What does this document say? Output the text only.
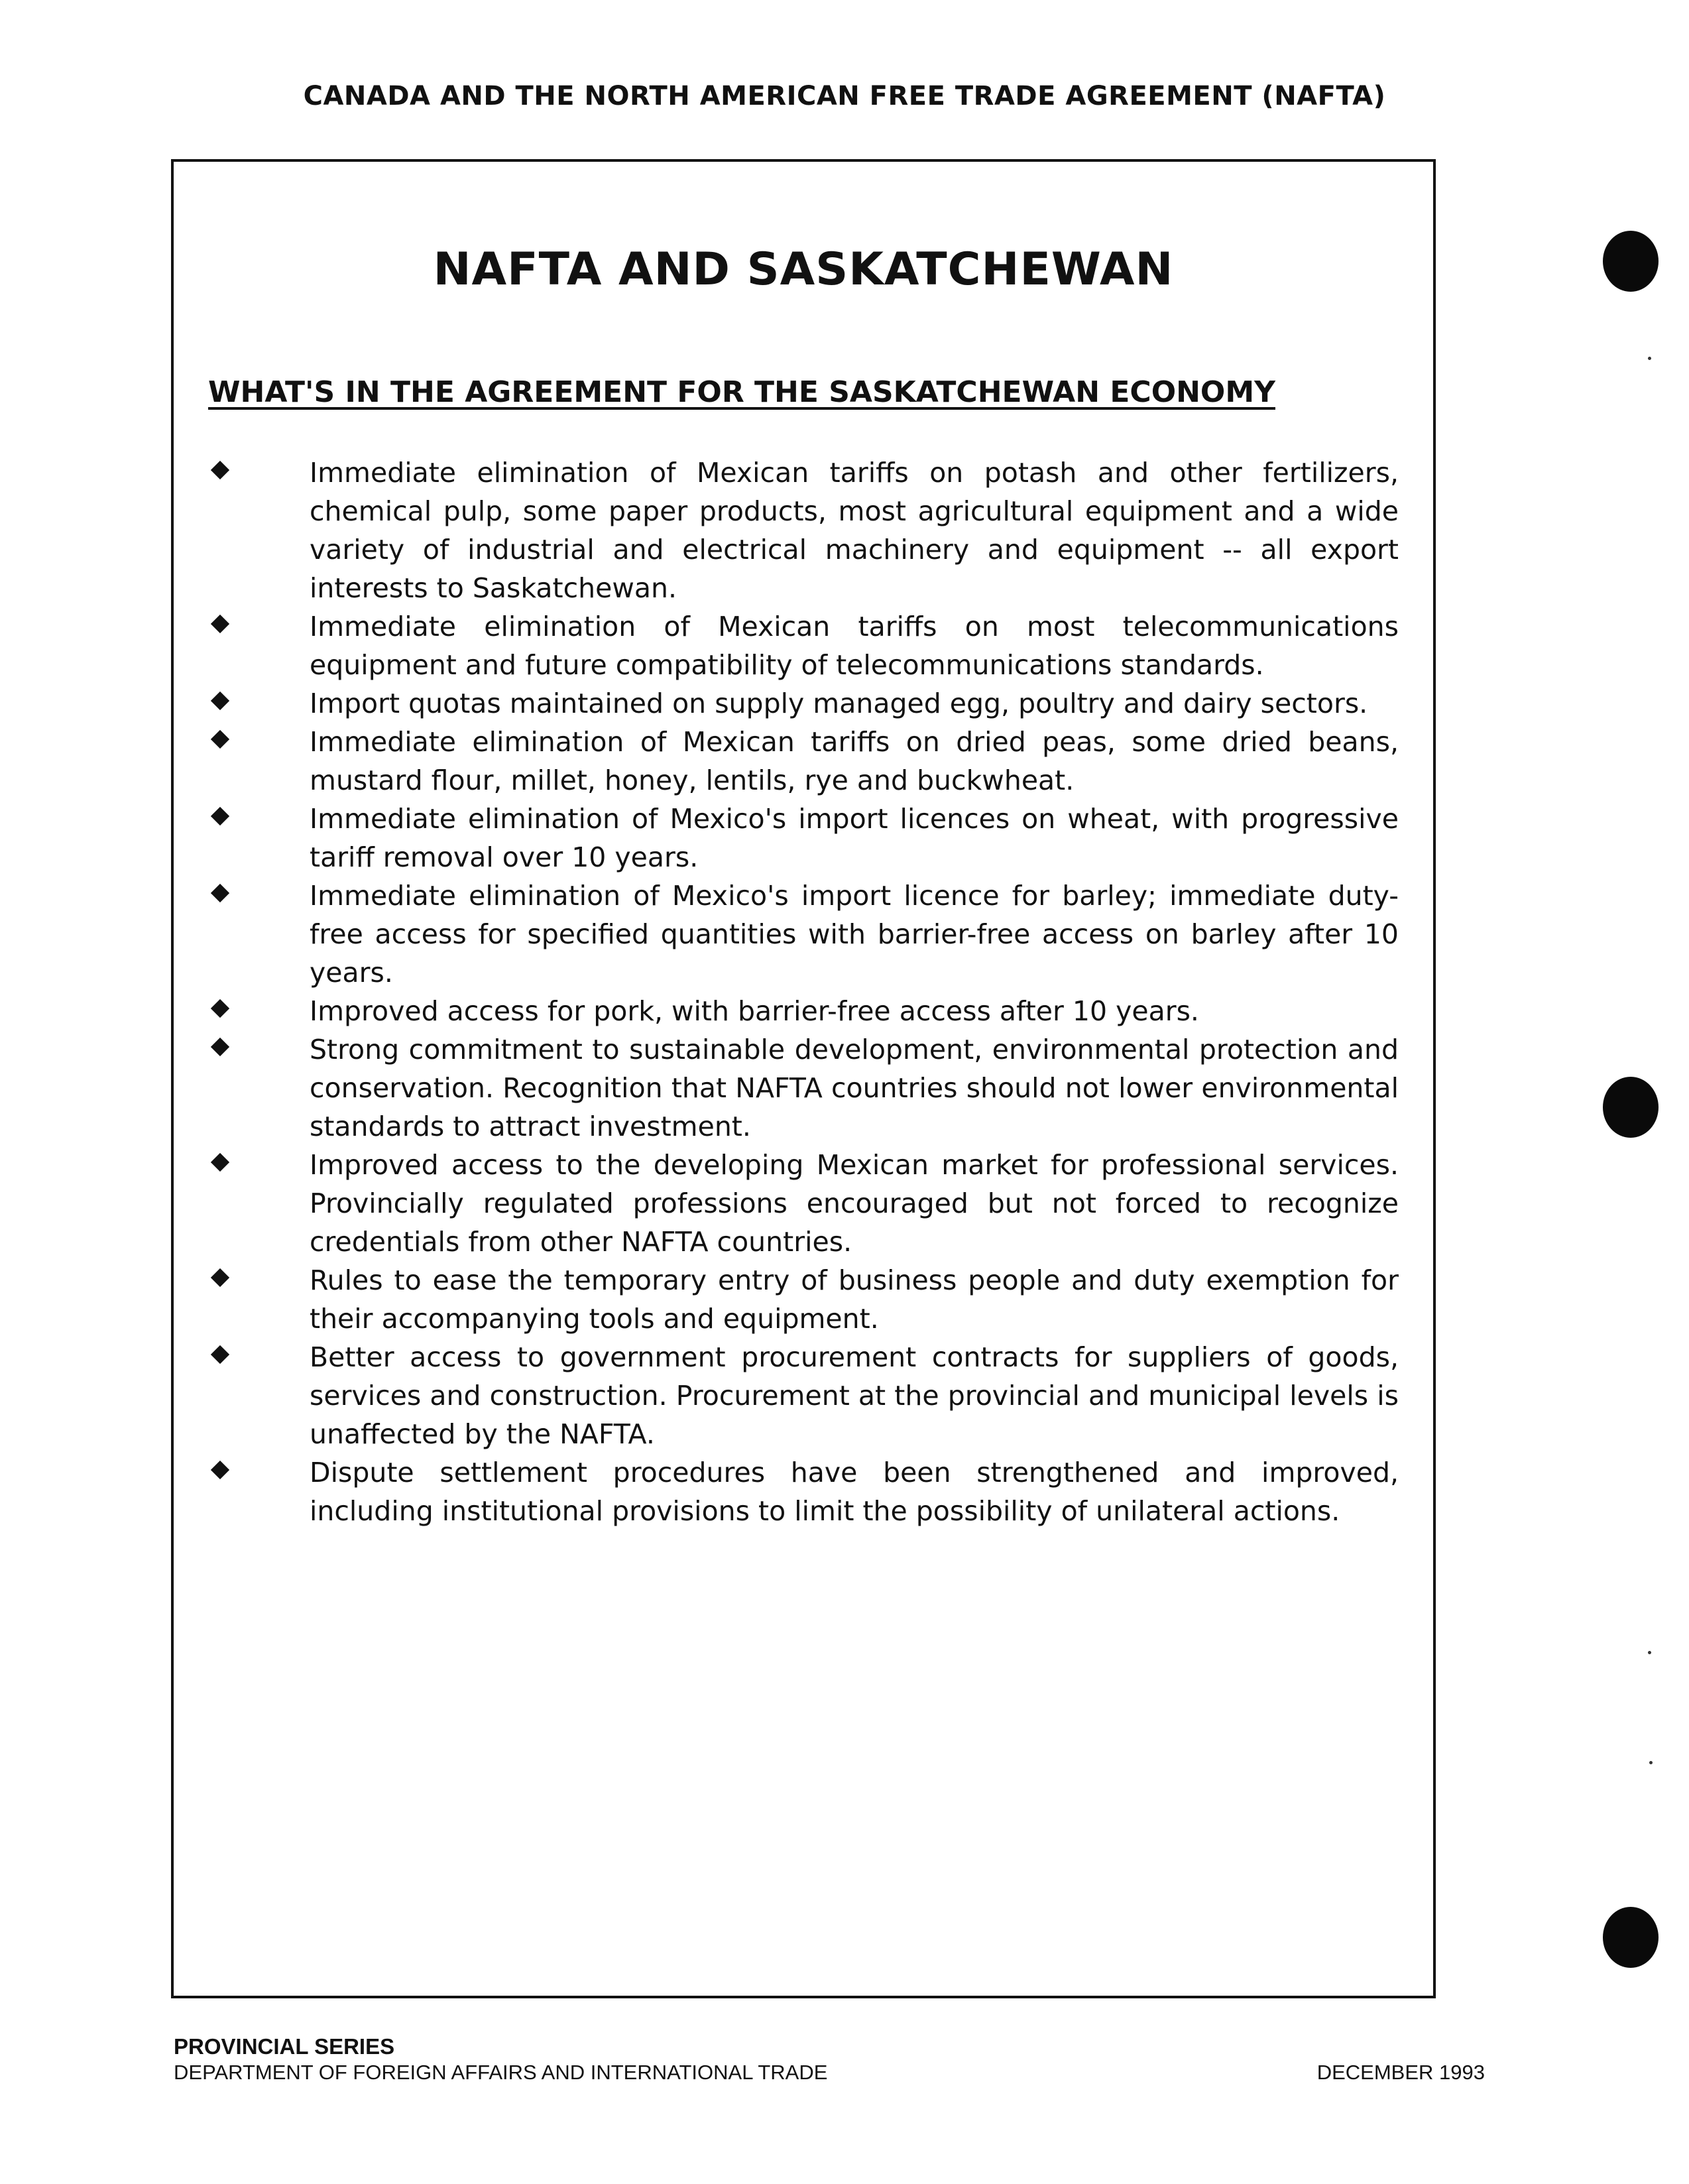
CANADA AND THE NORTH AMERICAN FREE TRADE AGREEMENT (NAFTA)
NAFTA AND SASKATCHEWAN
WHAT'S IN THE AGREEMENT FOR THE SASKATCHEWAN ECONOMY
Immediate elimination of Mexican tariffs on potash and other fertilizers, chemical pulp, some paper products, most agricultural equipment and a wide variety of industrial and electrical machinery and equipment -- all export interests to Saskatchewan.
Immediate elimination of Mexican tariffs on most telecommunications equipment and future compatibility of telecommunications standards.
Import quotas maintained on supply managed egg, poultry and dairy sectors.
Immediate elimination of Mexican tariffs on dried peas, some dried beans, mustard flour, millet, honey, lentils, rye and buckwheat.
Immediate elimination of Mexico's import licences on wheat, with progressive tariff removal over 10 years.
Immediate elimination of Mexico's import licence for barley; immediate duty-free access for specified quantities with barrier-free access on barley after 10 years.
Improved access for pork, with barrier-free access after 10 years.
Strong commitment to sustainable development, environmental protection and conservation. Recognition that NAFTA countries should not lower environmental standards to attract investment.
Improved access to the developing Mexican market for professional services. Provincially regulated professions encouraged but not forced to recognize credentials from other NAFTA countries.
Rules to ease the temporary entry of business people and duty exemption for their accompanying tools and equipment.
Better access to government procurement contracts for suppliers of goods, services and construction. Procurement at the provincial and municipal levels is unaffected by the NAFTA.
Dispute settlement procedures have been strengthened and improved, including institutional provisions to limit the possibility of unilateral actions.
PROVINCIAL SERIES
DEPARTMENT OF FOREIGN AFFAIRS AND INTERNATIONAL TRADE	DECEMBER 1993
